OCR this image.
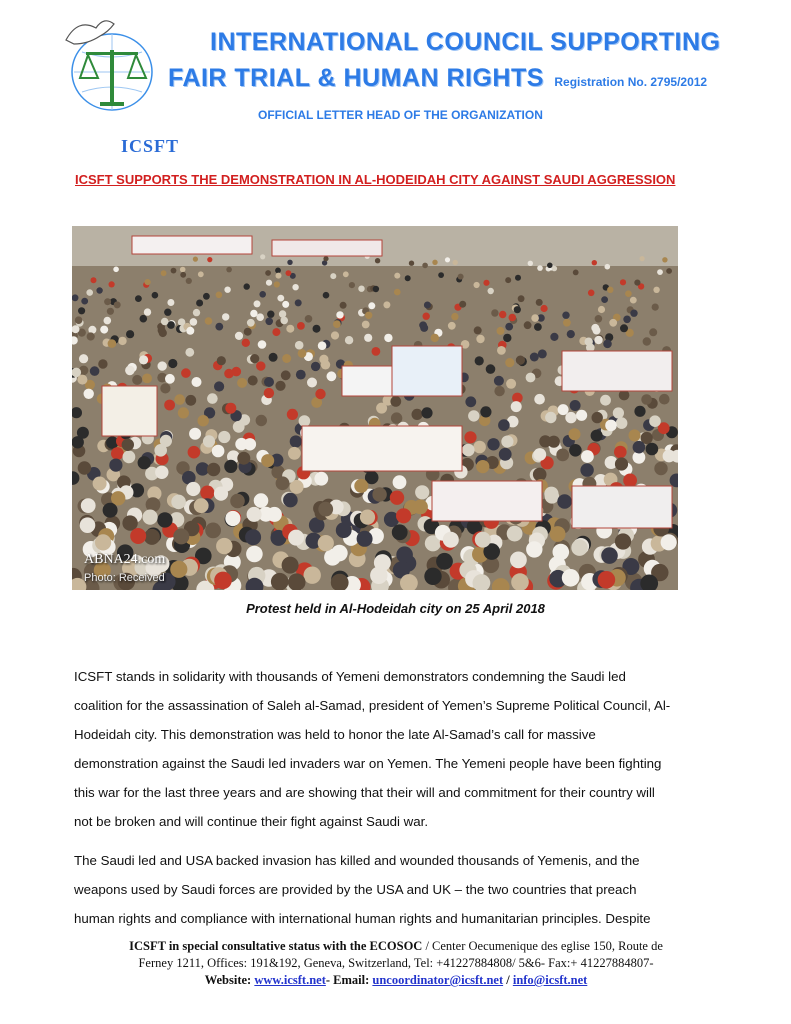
ICSFT
INTERNATIONAL COUNCIL SUPPORTING
FAIR TRIAL & HUMAN RIGHTS Registration No. 2795/2012
OFFICIAL LETTER HEAD OF THE ORGANIZATION
ICSFT SUPPORTS THE DEMONSTRATION IN AL-HODEIDAH CITY AGAINST SAUDI AGGRESSION
ABNA24.com
Photo: Received
Protest held in Al-Hodeidah city on 25 April 2018
ICSFT stands in solidarity with thousands of Yemeni demonstrators condemning the Saudi led
coalition for the assassination of Saleh al-Samad, president of Yemen’s Supreme Political Council, Al-
Hodeidah city. This demonstration was held to honor the late Al-Samad’s call for massive
demonstration against the Saudi led invaders war on Yemen. The Yemeni people have been fighting
this war for the last three years and are showing that their will and commitment for their country will
not be broken and will continue their fight against Saudi war.
The Saudi led and USA backed invasion has killed and wounded thousands of Yemenis, and the
weapons used by Saudi forces are provided by the USA and UK – the two countries that preach
human rights and compliance with international human rights and humanitarian principles. Despite
ICSFT in special consultative status with the ECOSOC / Center Oecumenique des eglise 150, Route de
Ferney 1211, Offices: 191&192, Geneva, Switzerland, Tel: +41227884808/ 5&6- Fax:+ 41227884807-
Website: www.icsft.net- Email: uncoordinator@icsft.net / info@icsft.net
